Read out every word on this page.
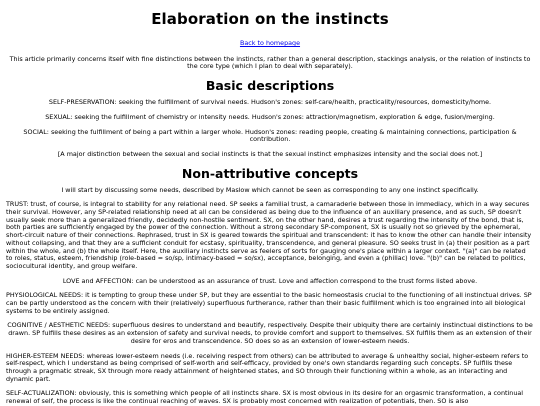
Elaboration on the instincts
Back to homepage

This article primarily concerns itself with fine distinctions between the instincts, rather than a general description, stackings analysis, or the relation of instincts to the core type (which I plan to deal with separately).

Basic descriptions

SELF-PRESERVATION: seeking the fulfillment of survival needs. Hudson's zones: self-care/health, practicality/resources, domesticity/home.

SEXUAL: seeking the fulfillment of chemistry or intensity needs. Hudson's zones: attraction/magnetism, exploration & edge, fusion/merging.

SOCIAL: seeking the fulfillment of being a part within a larger whole. Hudson's zones: reading people, creating & maintaining connections, participation & contribution.

[A major distinction between the sexual and social instincts is that the sexual instinct emphasizes intensity and the social does not.]

Non-attributive concepts

I will start by discussing some needs, described by Maslow which cannot be seen as corresponding to any one instinct specifically.

TRUST: trust, of course, is integral to stability for any relational need. SP seeks a familial trust, a camaraderie between those in immediacy, which in a way secures their survival. However, any SP-related relationship need at all can be considered as being due to the influence of an auxiliary presence, and as such, SP doesn't usually seek more than a generalized friendly, decidedly non-hostile sentiment. SX, on the other hand, desires a trust regarding the intensity of the bond, that is, both parties are sufficiently engaged by the power of the connection. Without a strong secondary SP-component, SX is usually not so grieved by the ephemeral, short-circuit nature of their connections. Rephrased, trust in SX is geared towards the spiritual and transcendent: it has to know the other can handle their intensity without collapsing, and that they are a sufficient conduit for ecstasy, spirituality, transcendence, and general pleasure. SO seeks trust in (a) their position as a part within the whole, and (b) the whole itself. Here, the auxiliary instincts serve as feelers of sorts for gauging one's place within a larger context. "(a)" can be related to roles, status, esteem, friendship (role-based = so/sp, intimacy-based = so/sx), acceptance, belonging, and even a (philiac) love. "(b)" can be related to politics, sociocultural identity, and group welfare.

LOVE and AFFECTION: can be understood as an assurance of trust. Love and affection correspond to the trust forms listed above.

PHYSIOLOGICAL NEEDS: it is tempting to group these under SP, but they are essential to the basic homeostasis crucial to the functioning of all instinctual drives. SP can be partly understood as the concern with their (relatively) superfluous furtherance, rather than their basic fulfillment which is too engrained into all biological systems to be entirely assigned.

COGNITIVE / AESTHETIC NEEDS: superfluous desires to understand and beautify, respectively. Despite their ubiquity there are certainly instinctual distinctions to be drawn. SP fulfills these desires as an extension of safety and survival needs, to provide comfort and support to themselves. SX fulfills them as an extension of their desire for eros and transcendence. SO does so as an extension of lower-esteem needs.

HIGHER-ESTEEM NEEDS: whereas lower-esteem needs (i.e. receiving respect from others) can be attributed to average & unhealthy social, higher-esteem refers to self-respect, which I understand as being comprised of self-worth and self-efficacy, provided by one's own standards regarding such concepts. SP fulfills these through a pragmatic streak, SX through more ready attainment of heightened states, and SO through their functioning within a whole, as an interacting and dynamic part.

SELF-ACTUALIZATION: obviously, this is something which people of all instincts share. SX is most obvious in its desire for an orgasmic transformation, a continual renewal of self, the process is like the continual reaching of waves. SX is probably most concerned with realization of potentials, then. SO is also
